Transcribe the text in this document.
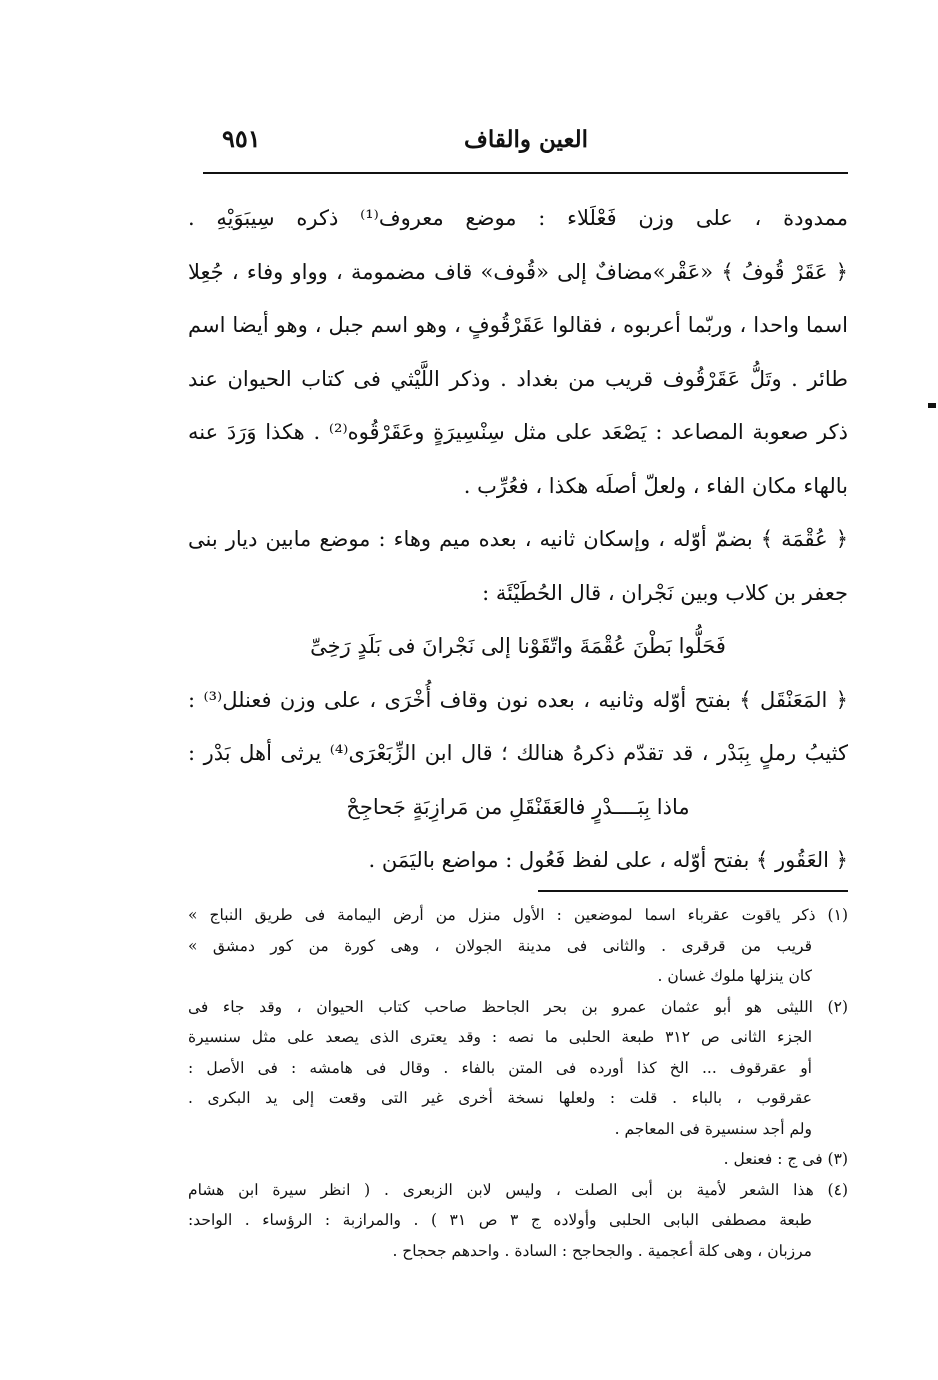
العين والقاف
٩٥١
ممدودة ، على وزن فَعْلَلاء : موضع معروف⁽¹⁾ ذكره سِيبَوَيْهِ .
﴿ عَقَرْ قُوفُ ﴾ «عَقْر»مضافٌ إلى «قُوف» قاف مضمومة ، وواو وفاء ، جُعِلا
اسما واحدا ، وربّما أعربوه ، فقالوا عَقَرْقُوفٍ ، وهو اسم جبل ، وهو أيضا اسم
طائر . وتَلُّ عَقَرْقُوف قريب من بغداد . وذكر اللَّيْثي فى كتاب الحيوان عند
ذكر صعوبة المصاعد : يَصْعَد على مثل سِنْسِيرَةٍ وعَقَرْقُوه⁽²⁾ . هكذا وَرَدَ عنه
بالهاء مكان الفاء ، ولعلّ أصلَه هكذا ، فعُرِّب .
﴿ عُقْمَة ﴾ بضمّ أوّله ، وإسكان ثانيه ، بعده ميم وهاء : موضع مابين ديار بنى
جعفر بن كلاب وبين نَجْران ، قال الحُطَيْئَة :
فَحَلُّوا بَطْنَ عُقْمَةَ واتّقَوْنا إلى نَجْرانَ فى بَلَدٍ رَخِىِّ
﴿ المَعَنْقَل ﴾ بفتح أوّله وثانيه ، بعده نون وقاف أُخْرَى ، على وزن فعنلل⁽³⁾ :
كثيبُ رملٍ بِبَدْر ، قد تقدّم ذكرهُ هنالك ؛ قال ابن الزِّبَعْرَى⁽⁴⁾ يرثى أهل بَدْر :
ماذا بِبَــــدْرٍ فالعَقَنْقَلِ من مَرازِبَةٍ جَحاجِحْ
﴿ العَقُور ﴾ بفتح أوّله ، على لفظ فَعُول : مواضع باليَمَن .
(١) ذكر ياقوت عقرباء اسما لموضعين : الأول منزل من أرض اليمامة فى طريق النباج »
قريب من قرقرى . والثانى فى مدينة الجولان ، وهى كورة من كور دمشق »
كان ينزلها ملوك غسان .
(٢) الليثى هو أبو عثمان عمرو بن بحر الجاحظ صاحب كتاب الحيوان ، وقد جاء فى
الجزء الثانى ص ٣١٢ طبعة الحلبى ما نصه : وقد يعترى الذى يصعد على مثل سنسيرة
أو عقرقوف ... الخ كذا أورده فى المتن بالفاء . وقال فى هامشه : فى الأصل :
عقرقوب ، بالباء . قلت : ولعلها نسخة أخرى غير التى وقعت إلى يد البكرى .
ولم أجد سنسيرة فى المعاجم .
(٣) فى ج : فعنعل .
(٤) هذا الشعر لأمية بن أبى الصلت ، وليس لابن الزبعرى . ( انظر سيرة ابن هشام
طبعة مصطفى البابى الحلبى وأولاده ج ٣ ص ٣١ ) . والمرازبة : الرؤساء . الواحد:
مرزبان ، وهى كلة أعجمية . والجحاجح : السادة . واحدهم جحجاح .
